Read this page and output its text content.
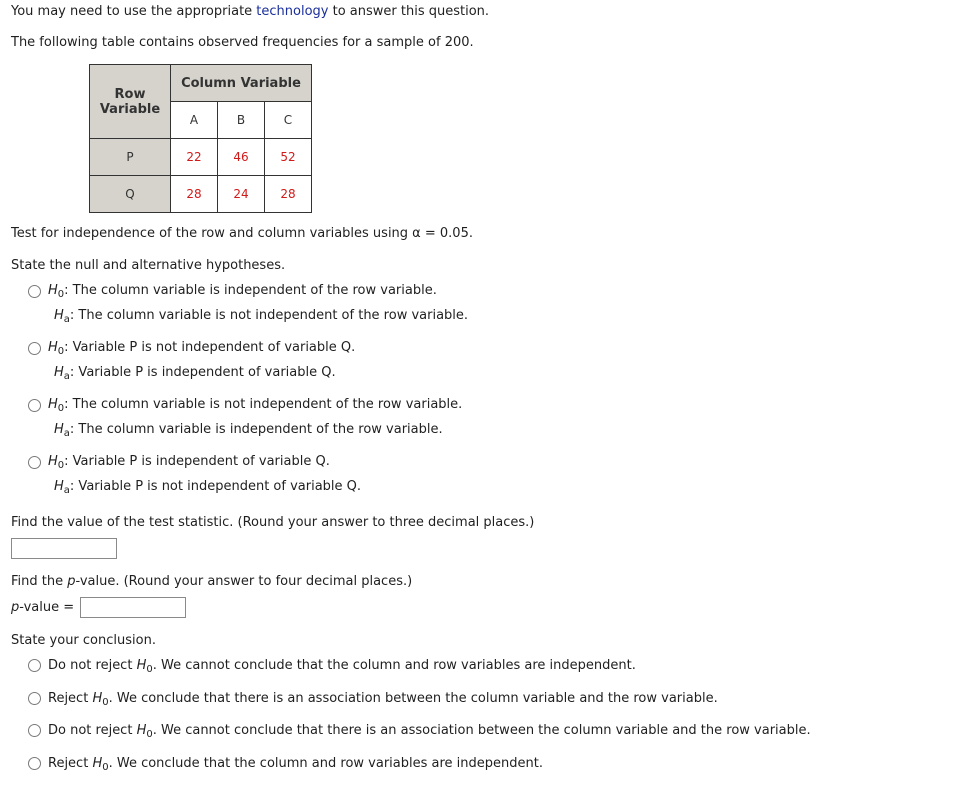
You may need to use the appropriate technology to answer this question.
The following table contains observed frequencies for a sample of 200.
Row
Variable	Column Variable		
	A	B	C
P	22	46	52
Q	28	24	28
Test for independence of the row and column variables using α = 0.05.
State the null and alternative hypotheses.
$H_0$: The column variable is independent of the row variable.
$H_a$: The column variable is not independent of the row variable.
$H_0$: Variable P is not independent of variable Q.
$H_a$: Variable P is independent of variable Q.
$H_0$: The column variable is not independent of the row variable.
$H_a$: The column variable is independent of the row variable.
$H_0$: Variable P is independent of variable Q.
$H_a$: Variable P is not independent of variable Q.
Find the value of the test statistic. (Round your answer to three decimal places.)
Find the p-value. (Round your answer to four decimal places.)
p-value =
State your conclusion.
Do not reject $H_0$. We cannot conclude that the column and row variables are independent.
Reject $H_0$. We conclude that there is an association between the column variable and the row variable.
Do not reject $H_0$. We cannot conclude that there is an association between the column variable and the row variable.
Reject $H_0$. We conclude that the column and row variables are independent.
